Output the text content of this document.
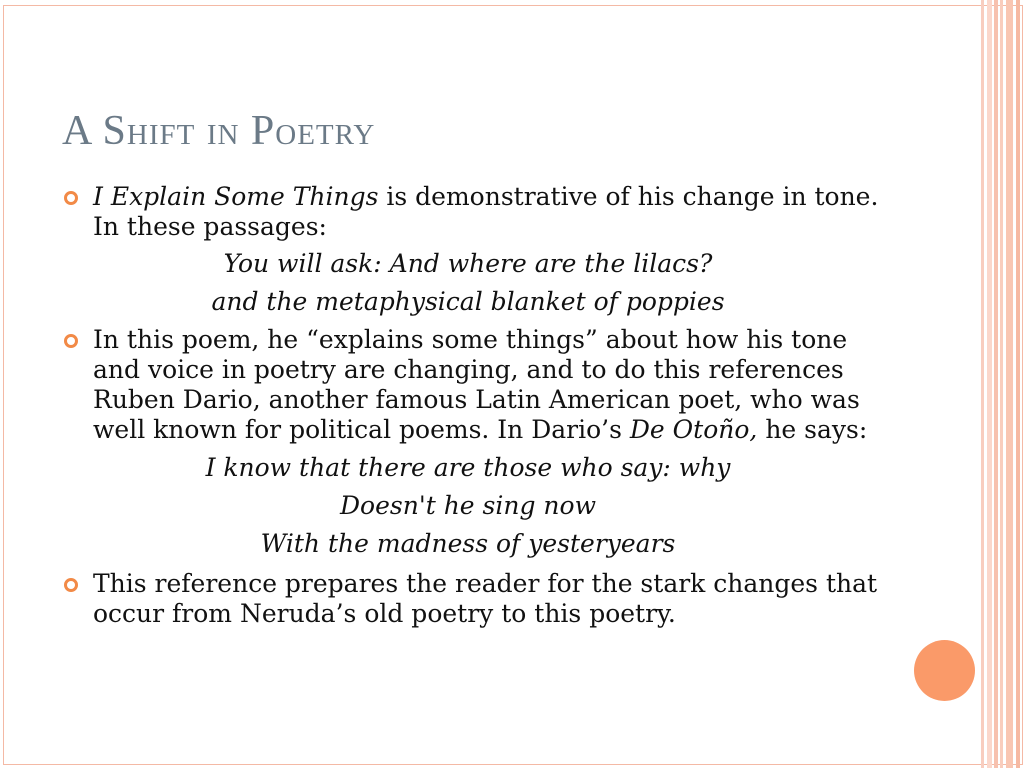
A Shift in Poetry

I Explain Some Things is demonstrative of his change in tone. In these passages:

You will ask: And where are the lilacs?

and the metaphysical blanket of poppies

In this poem, he “explains some things” about how his tone and voice in poetry are changing, and to do this references Ruben Dario, another famous Latin American poet, who was well known for political poems. In Dario’s De Otoño, he says:

I know that there are those who say: why

Doesn't he sing now

With the madness of yesteryears

This reference prepares the reader for the stark changes that occur from Neruda’s old poetry to this poetry.
